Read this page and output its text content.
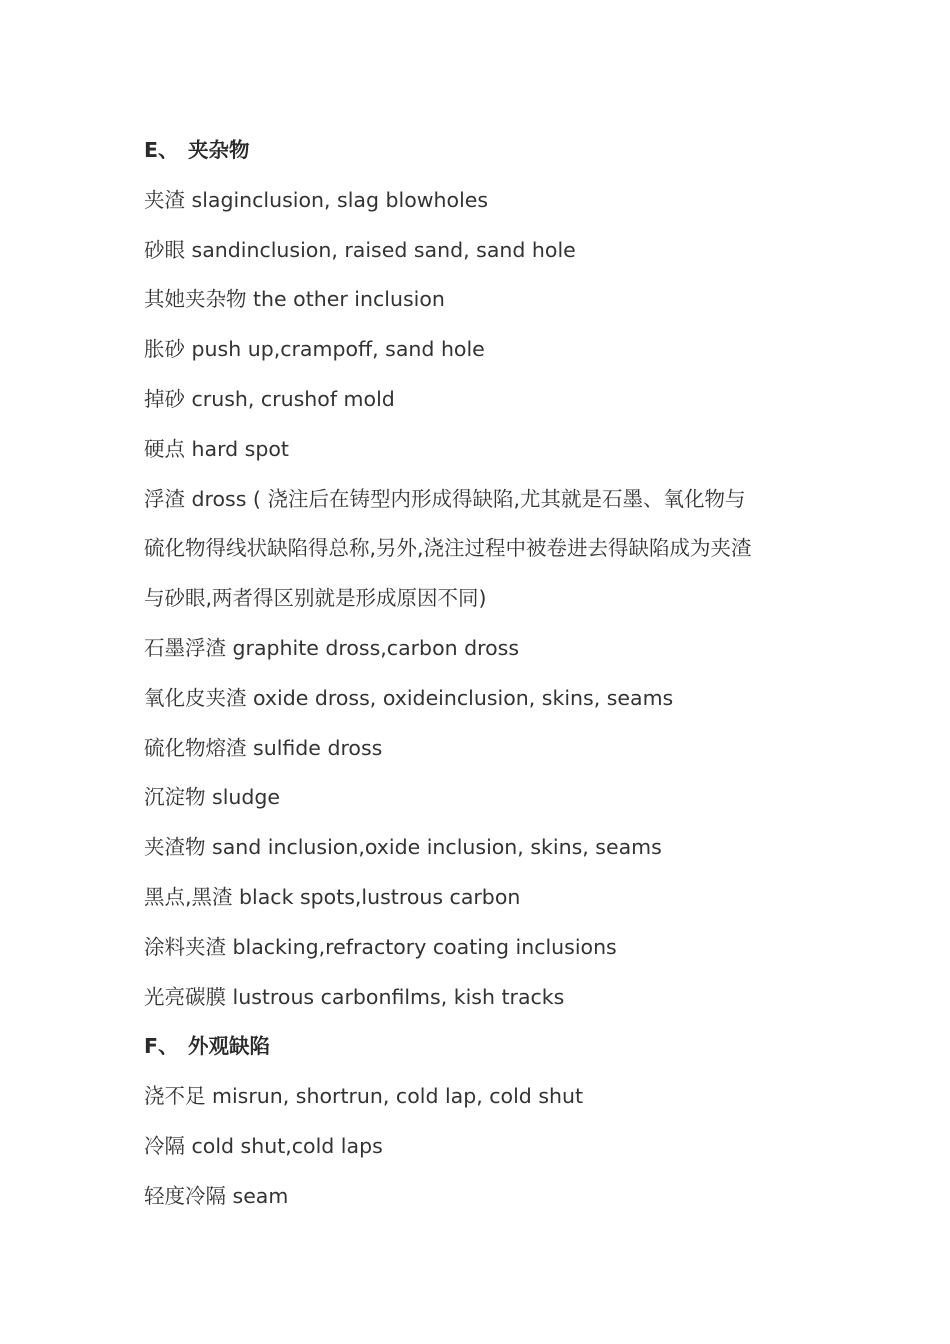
E、 夹杂物
夹渣 slaginclusion, slag blowholes
砂眼 sandinclusion, raised sand, sand hole
其她夹杂物 the other inclusion
胀砂 push up,crampoff, sand hole
掉砂 crush, crushof mold
硬点 hard spot
浮渣 dross ( 浇注后在铸型内形成得缺陷,尤其就是石墨、氧化物与
硫化物得线状缺陷得总称,另外,浇注过程中被卷进去得缺陷成为夹渣
与砂眼,两者得区别就是形成原因不同)
石墨浮渣 graphite dross,carbon dross
氧化皮夹渣 oxide dross, oxideinclusion, skins, seams
硫化物熔渣 sulfide dross
沉淀物 sludge
夹渣物 sand inclusion,oxide inclusion, skins, seams
黑点,黑渣 black spots,lustrous carbon
涂料夹渣 blacking,refractory coating inclusions
光亮碳膜 lustrous carbonfilms, kish tracks
F、 外观缺陷
浇不足 misrun, shortrun, cold lap, cold shut
冷隔 cold shut,cold laps
轻度冷隔 seam
